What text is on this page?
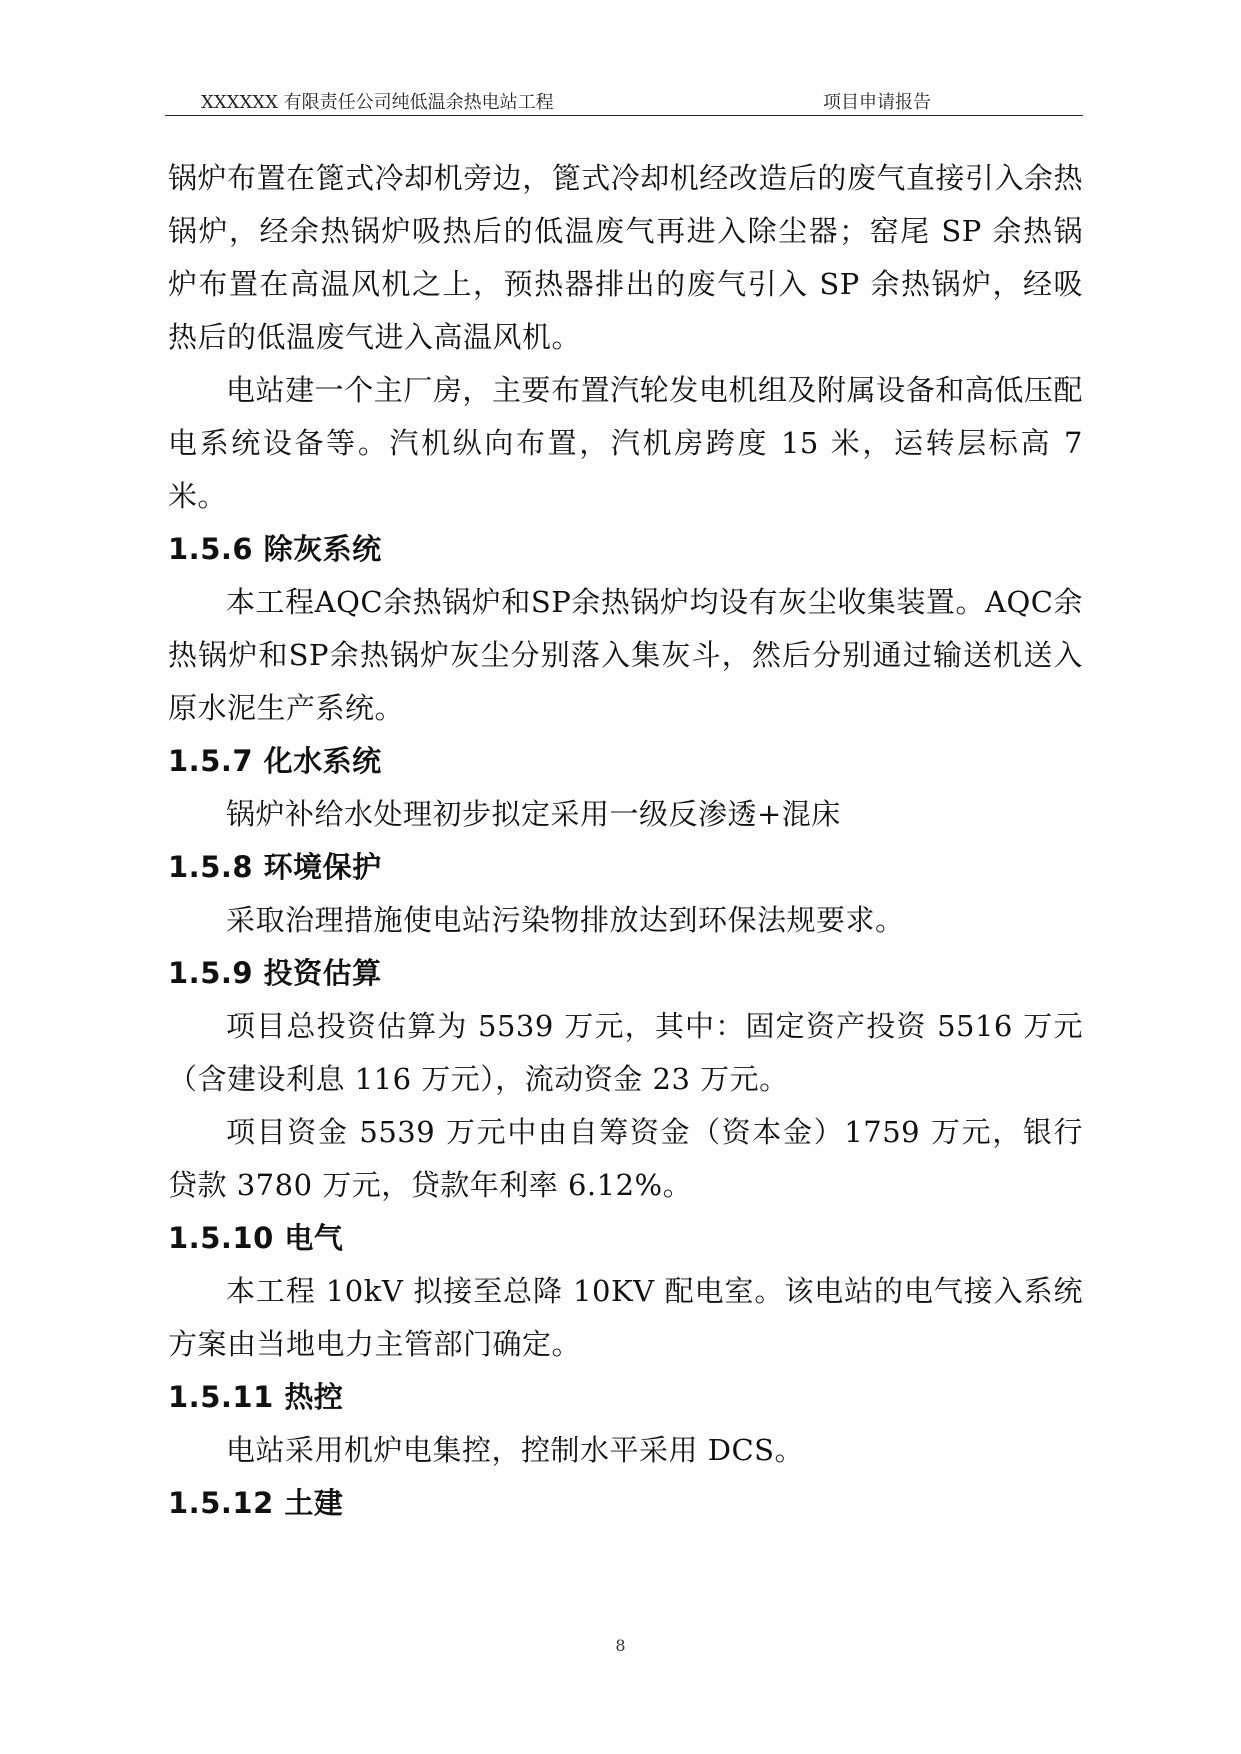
XXXXXX 有限责任公司纯低温余热电站工程	项目申请报告

锅炉布置在篦式冷却机旁边，篦式冷却机经改造后的废气直接引入余热锅炉，经余热锅炉吸热后的低温废气再进入除尘器；窑尾 SP 余热锅炉布置在高温风机之上，预热器排出的废气引入 SP 余热锅炉，经吸热后的低温废气进入高温风机。

电站建一个主厂房，主要布置汽轮发电机组及附属设备和高低压配电系统设备等。汽机纵向布置，汽机房跨度 15 米，运转层标高 7 米。

1.5.6 除灰系统

本工程AQC余热锅炉和SP余热锅炉均设有灰尘收集装置。AQC余热锅炉和SP余热锅炉灰尘分别落入集灰斗，然后分别通过输送机送入原水泥生产系统。

1.5.7 化水系统

锅炉补给水处理初步拟定采用一级反渗透+混床

1.5.8 环境保护

采取治理措施使电站污染物排放达到环保法规要求。

1.5.9 投资估算

项目总投资估算为 5539 万元，其中：固定资产投资 5516 万元（含建设利息 116 万元），流动资金 23 万元。

项目资金 5539 万元中由自筹资金（资本金）1759 万元，银行贷款 3780 万元，贷款年利率 6.12%。

1.5.10 电气

本工程 10kV 拟接至总降 10KV 配电室。该电站的电气接入系统方案由当地电力主管部门确定。

1.5.11 热控

电站采用机炉电集控，控制水平采用 DCS。

1.5.12 土建
8
